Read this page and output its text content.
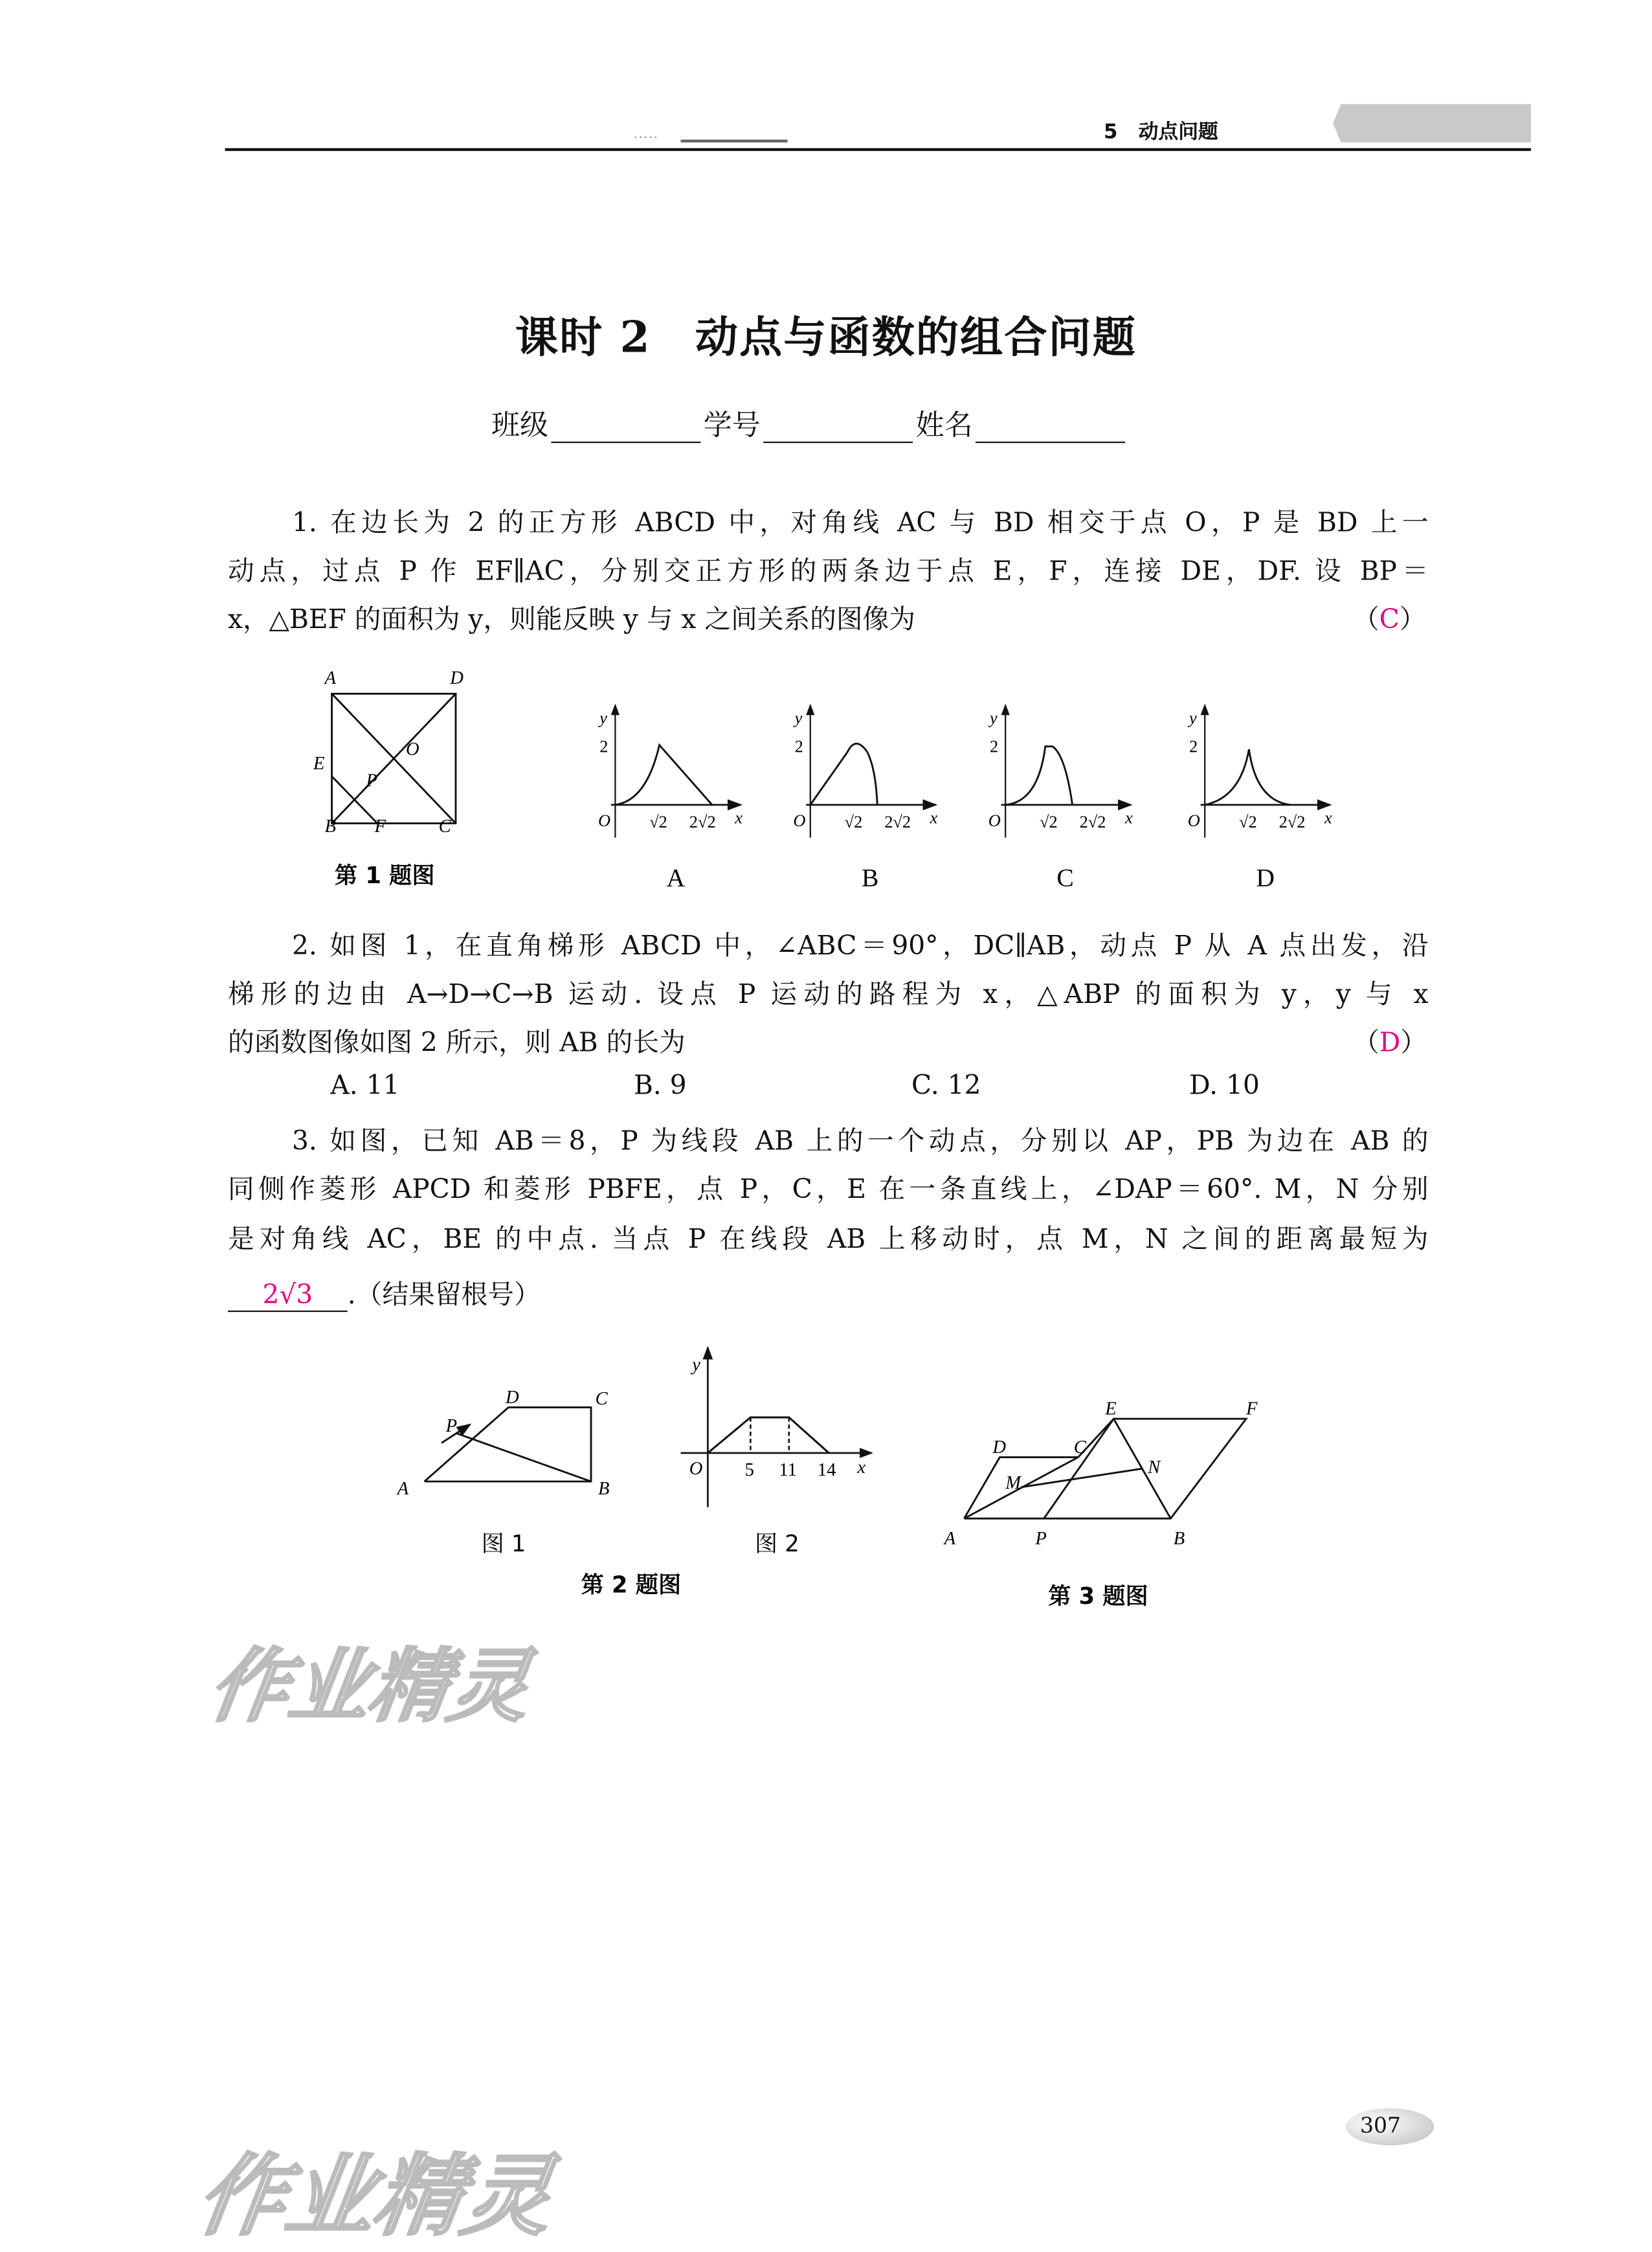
·····	5 动点问题
课时 2　动点与函数的组合问题
班级	学号	姓名
1. 在边长为 2 的正方形 ABCD 中，对角线 AC 与 BD 相交于点 O，P 是 BD 上一
动点，过点 P 作 EF∥AC，分别交正方形的两条边于点 E，F，连接 DE，DF. 设 BP＝
x，△BEF 的面积为 y，则能反映 y 与 x 之间关系的图像为	（C）
2. 如图 1，在直角梯形 ABCD 中，∠ABC＝90°，DC∥AB，动点 P 从 A 点出发，沿
梯形的边由 A→D→C→B 运动. 设点 P 运动的路程为 x，△ABP 的面积为 y，y 与 x
的函数图像如图 2 所示，则 AB 的长为	（D）
A. 11	B. 9	C. 12	D. 10
3. 如图，已知 AB＝8，P 为线段 AB 上的一个动点，分别以 AP，PB 为边在 AB 的
同侧作菱形 APCD 和菱形 PBFE，点 P，C，E 在一条直线上，∠DAP＝60°. M，N 分别
是对角线 AC，BE 的中点. 当点 P 在线段 AB 上移动时，点 M，N 之间的距离最短为
2√3	.（结果留根号）
A	D
O
E
P
B	F	C
第 1 题图
y
2
O	√2	2√2 x
A
y
2
O	√2	2√2 x
B
y
2
O	√2	2√2 x
C
y
2
O	√2	2√2 x
D
A	B
C
D
P
图 1
y
O	5	11 14	x
图 2
第 2 题图
A	P	B
D	C
E	F
M
N
第 3 题图
作业精灵
作业精灵
307
